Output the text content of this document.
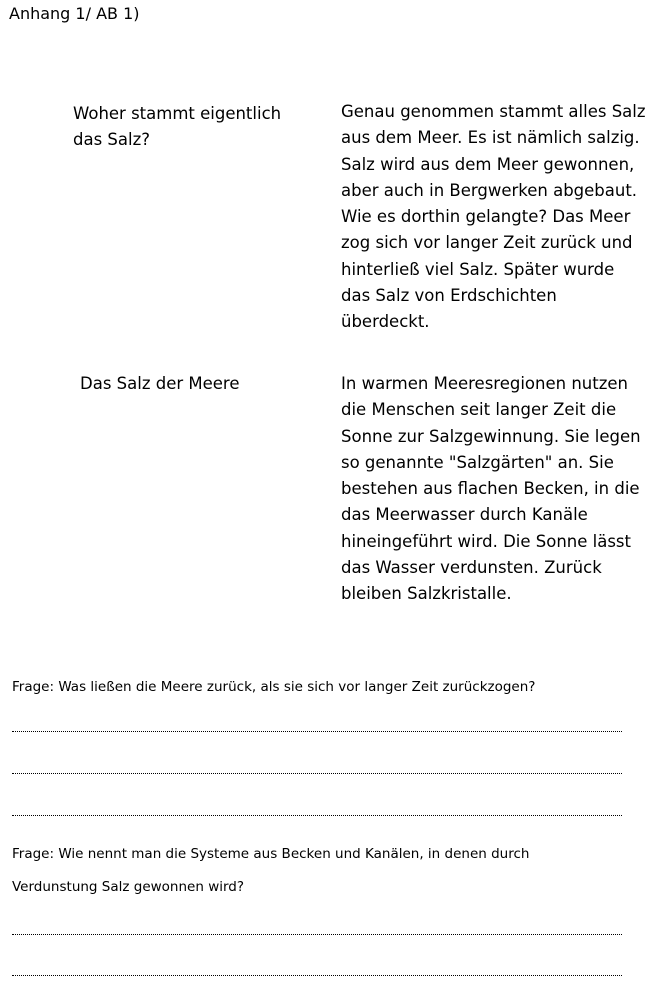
Anhang 1/ AB 1)
Woher stammt eigentlich
das Salz?
Genau genommen stammt alles Salz
aus dem Meer. Es ist nämlich salzig.
Salz wird aus dem Meer gewonnen,
aber auch in Bergwerken abgebaut.
Wie es dorthin gelangte? Das Meer
zog sich vor langer Zeit zurück und
hinterließ viel Salz. Später wurde
das Salz von Erdschichten
überdeckt.
Das Salz der Meere	In warmen Meeresregionen nutzen
die Menschen seit langer Zeit die
Sonne zur Salzgewinnung. Sie legen
so genannte "Salzgärten" an. Sie
bestehen aus flachen Becken, in die
das Meerwasser durch Kanäle
hineingeführt wird. Die Sonne lässt
das Wasser verdunsten. Zurück
bleiben Salzkristalle.
Frage: Was ließen die Meere zurück, als sie sich vor langer Zeit zurückzogen?
Frage: Wie nennt man die Systeme aus Becken und Kanälen, in denen durch
Verdunstung Salz gewonnen wird?
